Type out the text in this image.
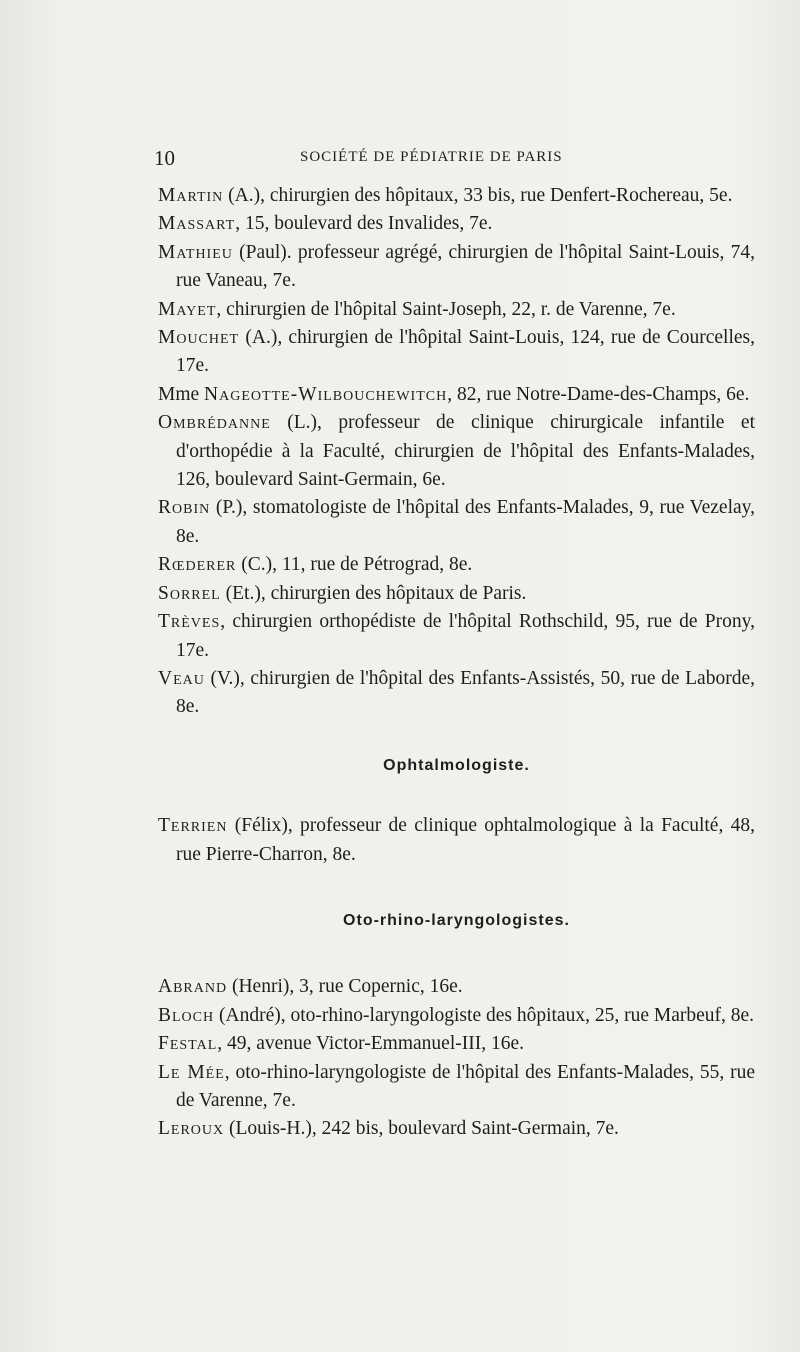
10	SOCIÉTÉ DE PÉDIATRIE DE PARIS

Martin (A.), chirurgien des hôpitaux, 33 bis, rue Denfert-Rochereau, 5e.

Massart, 15, boulevard des Invalides, 7e.

Mathieu (Paul). professeur agrégé, chirurgien de l'hôpital Saint-Louis, 74, rue Vaneau, 7e.

Mayet, chirurgien de l'hôpital Saint-Joseph, 22, r. de Varenne, 7e.

Mouchet (A.), chirurgien de l'hôpital Saint-Louis, 124, rue de Courcelles, 17e.

Mme Nageotte-Wilbouchewitch, 82, rue Notre-Dame-des-Champs, 6e.

Ombrédanne (L.), professeur de clinique chirurgicale infantile et d'orthopédie à la Faculté, chirurgien de l'hôpital des Enfants-Malades, 126, boulevard Saint-Germain, 6e.

Robin (P.), stomatologiste de l'hôpital des Enfants-Malades, 9, rue Vezelay, 8e.

Rœderer (C.), 11, rue de Pétrograd, 8e.

Sorrel (Et.), chirurgien des hôpitaux de Paris.

Trèves, chirurgien orthopédiste de l'hôpital Rothschild, 95, rue de Prony, 17e.

Veau (V.), chirurgien de l'hôpital des Enfants-Assistés, 50, rue de Laborde, 8e.

Ophtalmologiste.

Terrien (Félix), professeur de clinique ophtalmologique à la Faculté, 48, rue Pierre-Charron, 8e.

Oto-rhino-laryngologistes.

Abrand (Henri), 3, rue Copernic, 16e.

Bloch (André), oto-rhino-laryngologiste des hôpitaux, 25, rue Marbeuf, 8e.

Festal, 49, avenue Victor-Emmanuel-III, 16e.

Le Mée, oto-rhino-laryngologiste de l'hôpital des Enfants-Malades, 55, rue de Varenne, 7e.

Leroux (Louis-H.), 242 bis, boulevard Saint-Germain, 7e.
